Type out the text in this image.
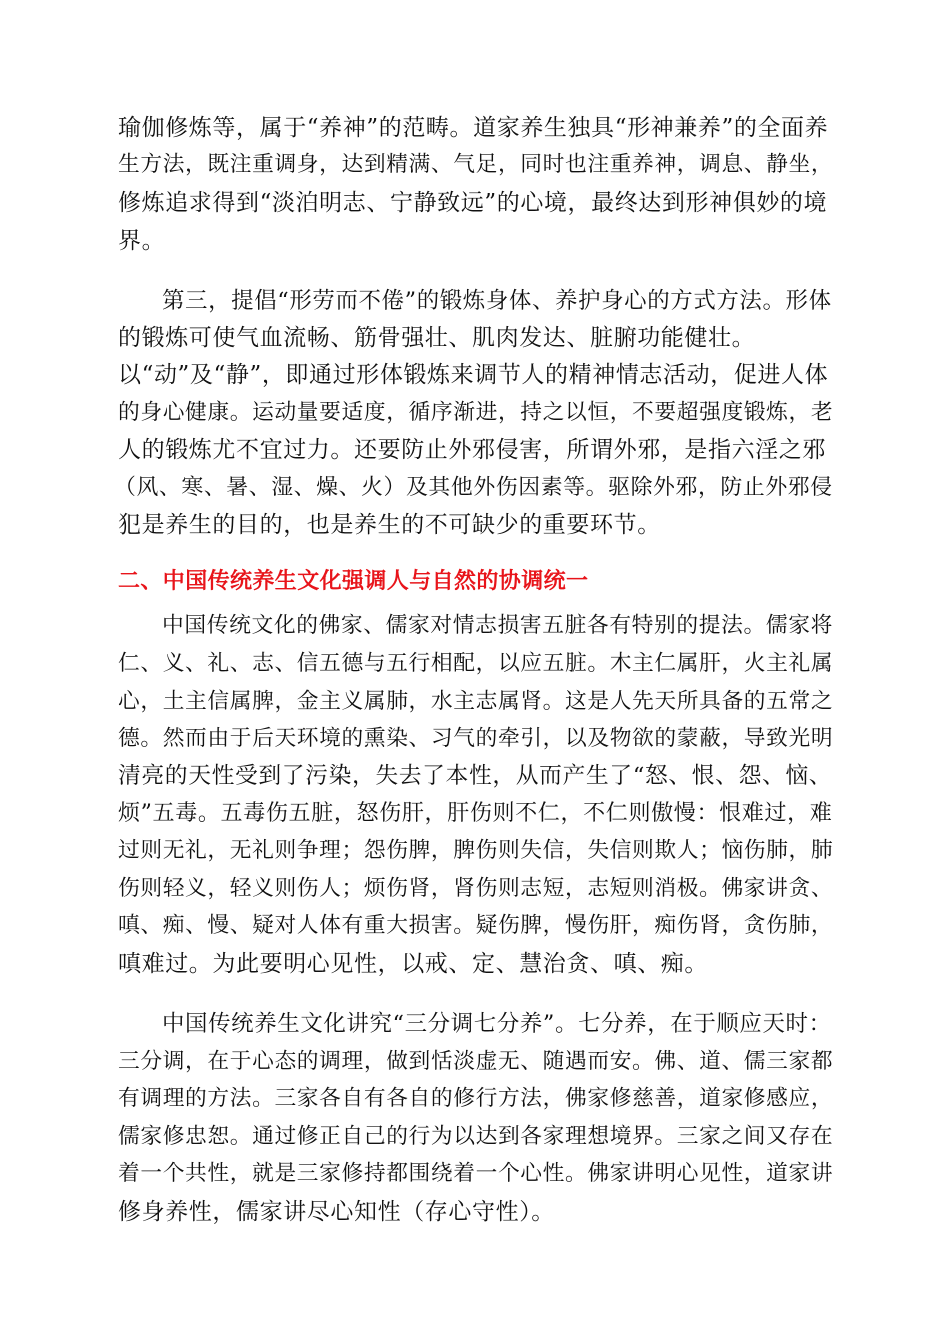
瑜伽修炼等，属于“养神”的范畴。道家养生独具“形神兼养”的全面养
生方法，既注重调身，达到精满、气足，同时也注重养神，调息、静坐，
修炼追求得到“淡泊明志、宁静致远”的心境，最终达到形神俱妙的境
界。
第三，提倡“形劳而不倦”的锻炼身体、养护身心的方式方法。形体
的锻炼可使气血流畅、筋骨强壮、肌肉发达、脏腑功能健壮。
以“动”及“静”，即通过形体锻炼来调节人的精神情志活动，促进人体
的身心健康。运动量要适度，循序渐进，持之以恒，不要超强度锻炼，老
人的锻炼尤不宜过力。还要防止外邪侵害，所谓外邪，是指六淫之邪
（风、寒、暑、湿、燥、火）及其他外伤因素等。驱除外邪，防止外邪侵
犯是养生的目的，也是养生的不可缺少的重要环节。
二、中国传统养生文化强调人与自然的协调统一
中国传统文化的佛家、儒家对情志损害五脏各有特别的提法。儒家将
仁、义、礼、志、信五德与五行相配，以应五脏。木主仁属肝，火主礼属
心，土主信属脾，金主义属肺，水主志属肾。这是人先天所具备的五常之
德。然而由于后天环境的熏染、习气的牵引，以及物欲的蒙蔽，导致光明
清亮的天性受到了污染，失去了本性，从而产生了“怒、恨、怨、恼、
烦”五毒。五毒伤五脏，怒伤肝，肝伤则不仁，不仁则傲慢：恨难过，难
过则无礼，无礼则争理；怨伤脾，脾伤则失信，失信则欺人；恼伤肺，肺
伤则轻义，轻义则伤人；烦伤肾，肾伤则志短，志短则消极。佛家讲贪、
嗔、痴、慢、疑对人体有重大损害。疑伤脾，慢伤肝，痴伤肾，贪伤肺，
嗔难过。为此要明心见性，以戒、定、慧治贪、嗔、痴。
中国传统养生文化讲究“三分调七分养”。七分养，在于顺应天时：
三分调，在于心态的调理，做到恬淡虚无、随遇而安。佛、道、儒三家都
有调理的方法。三家各自有各自的修行方法，佛家修慈善，道家修感应，
儒家修忠恕。通过修正自己的行为以达到各家理想境界。三家之间又存在
着一个共性，就是三家修持都围绕着一个心性。佛家讲明心见性，道家讲
修身养性，儒家讲尽心知性（存心守性）。
